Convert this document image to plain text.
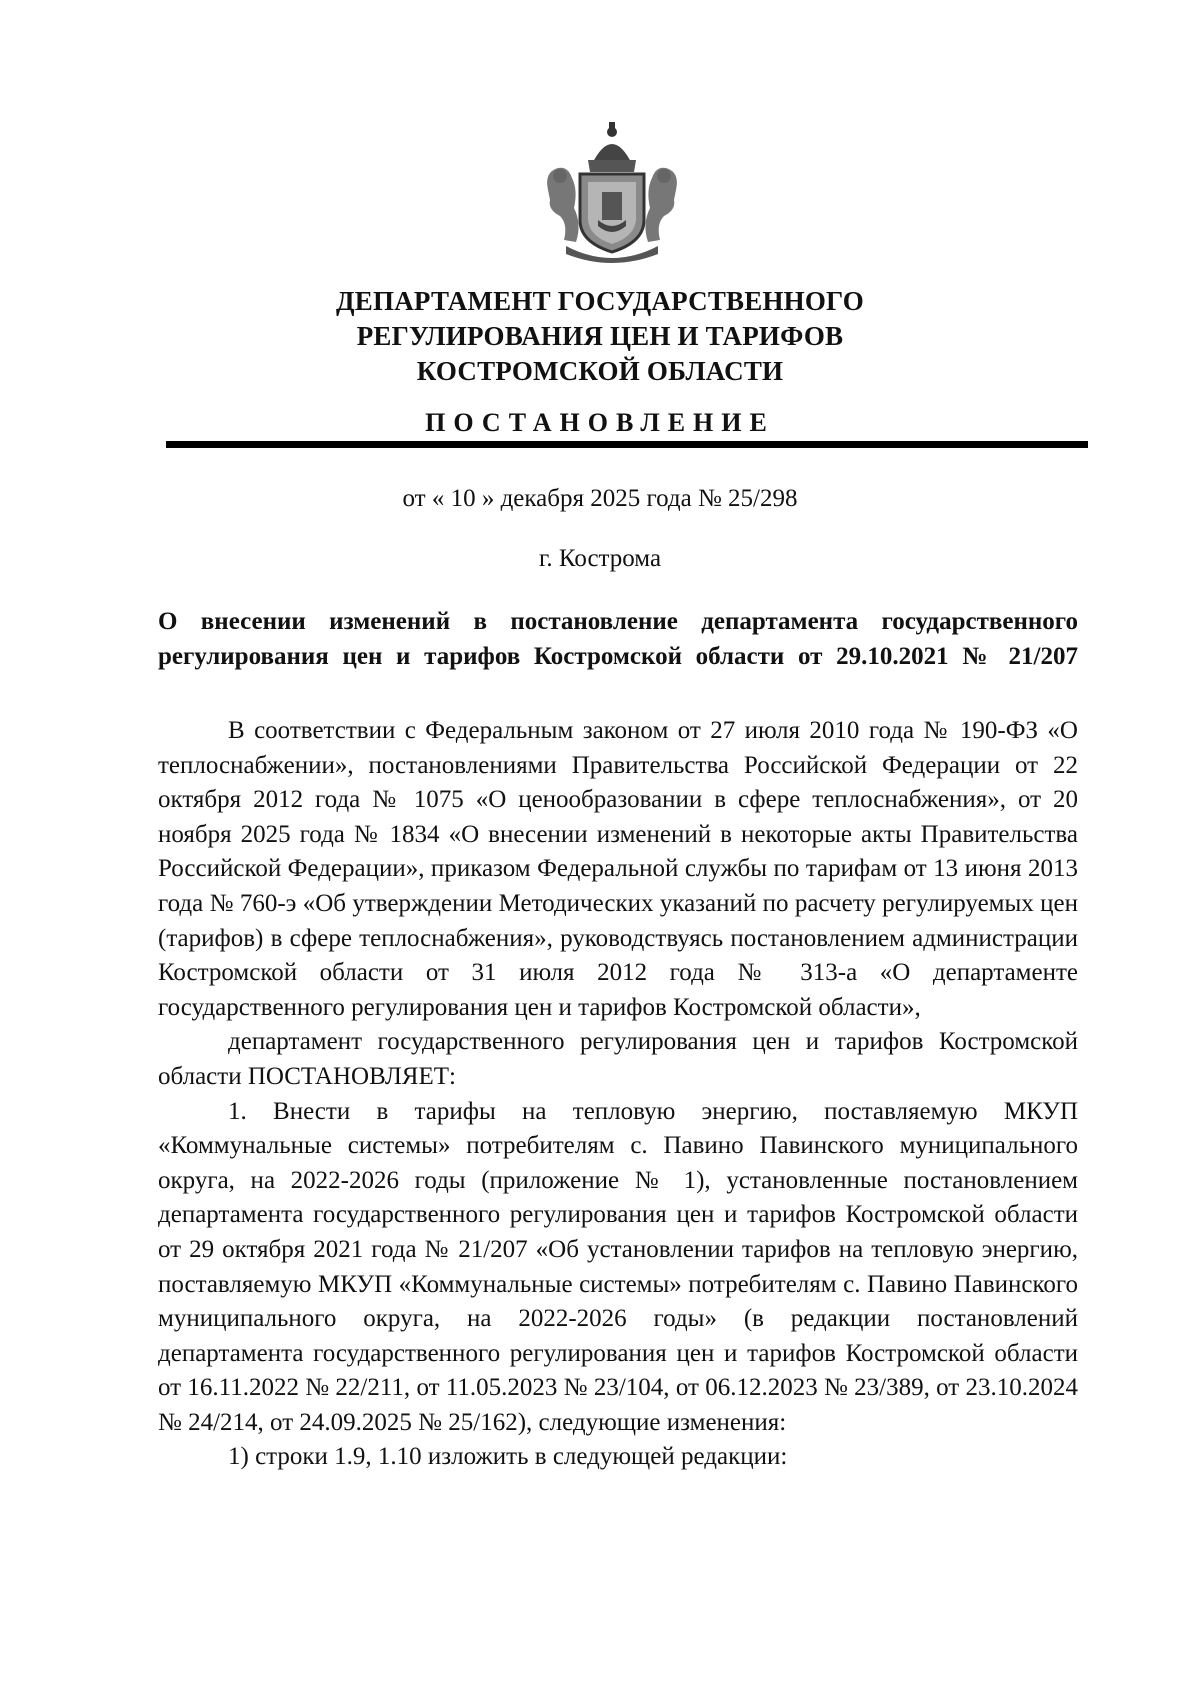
ДЕПАРТАМЕНТ ГОСУДАРСТВЕННОГО
РЕГУЛИРОВАНИЯ ЦЕН И ТАРИФОВ
КОСТРОМСКОЙ ОБЛАСТИ
ПОСТАНОВЛЕНИЕ
от « 10 » декабря 2025 года № 25/298
г. Кострома
О внесении изменений в постановление департамента государственного
регулирования цен и тарифов Костромской области от 29.10.2021 № 21/207

В соответствии с Федеральным законом от 27 июля 2010 года № 190-ФЗ «О теплоснабжении», постановлениями Правительства Российской Федерации от 22 октября 2012 года № 1075 «О ценообразовании в сфере теплоснабжения», от 20 ноября 2025 года № 1834 «О внесении изменений в некоторые акты Правительства Российской Федерации», приказом Федеральной службы по тарифам от 13 июня 2013 года № 760-э «Об утверждении Методических указаний по расчету регулируемых цен (тарифов) в сфере теплоснабжения», руководствуясь постановлением администрации Костромской области от 31 июля 2012 года № 313-а «О департаменте государственного регулирования цен и тарифов Костромской области»,

департамент государственного регулирования цен и тарифов Костромской области ПОСТАНОВЛЯЕТ:

1. Внести в тарифы на тепловую энергию, поставляемую МКУП «Коммунальные системы» потребителям с. Павино Павинского муниципального округа, на 2022-2026 годы (приложение № 1), установленные постановлением департамента государственного регулирования цен и тарифов Костромской области от 29 октября 2021 года № 21/207 «Об установлении тарифов на тепловую энергию, поставляемую МКУП «Коммунальные системы» потребителям с. Павино Павинского муниципального округа, на 2022-2026 годы» (в редакции постановлений департамента государственного регулирования цен и тарифов Костромской области от 16.11.2022 № 22/211, от 11.05.2023 № 23/104, от 06.12.2023 № 23/389, от 23.10.2024 № 24/214, от 24.09.2025 № 25/162), следующие изменения:

1) строки 1.9, 1.10 изложить в следующей редакции:
